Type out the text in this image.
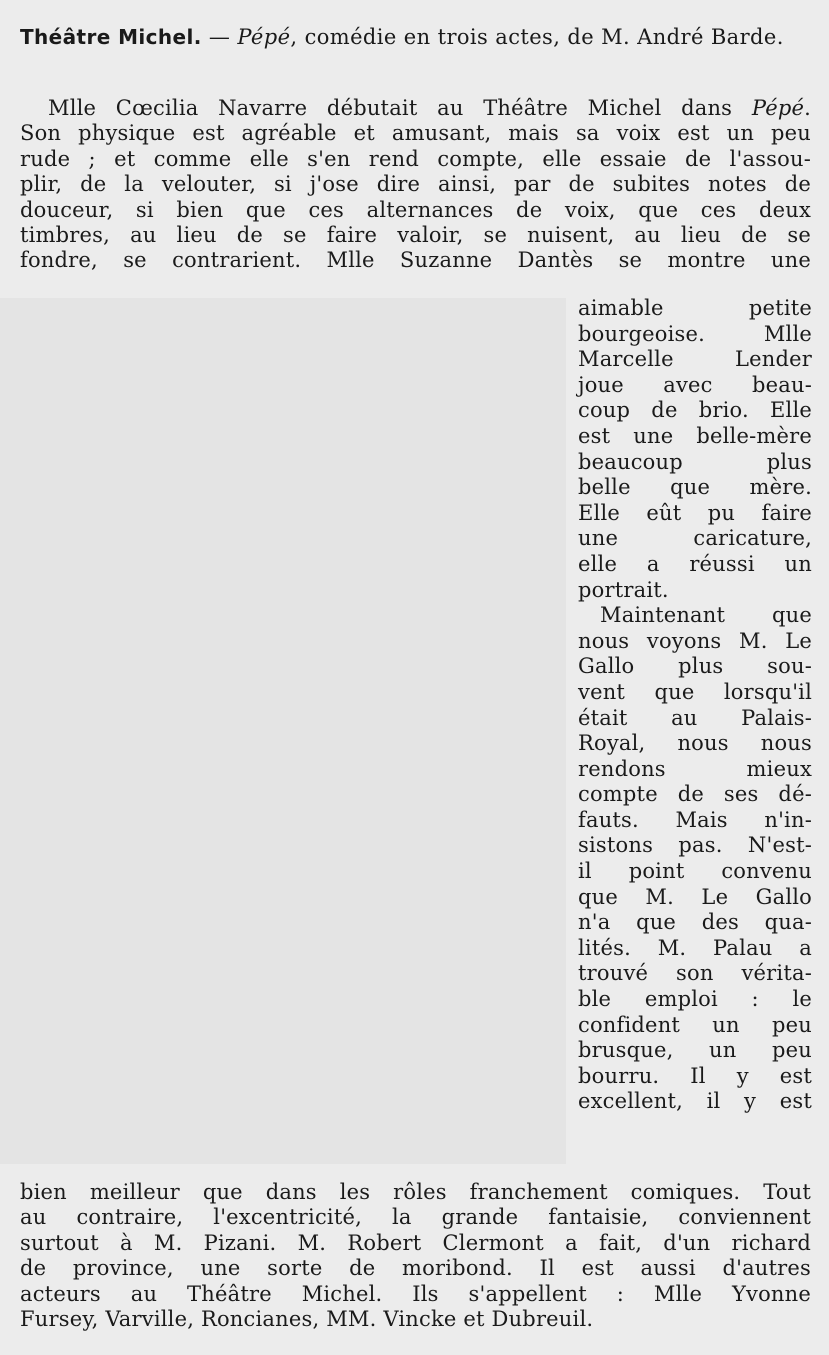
Théâtre Michel. — Pépé, comédie en trois actes, de M. André Barde.
Mlle Cœcilia Navarre débutait au Théâtre Michel dans Pépé.
Son physique est agréable et amusant, mais sa voix est un peu
rude ; et comme elle s'en rend compte, elle essaie de l'assou-
plir, de la velouter, si j'ose dire ainsi, par de subites notes de
douceur, si bien que ces alternances de voix, que ces deux
timbres, au lieu de se faire valoir, se nuisent, au lieu de se
fondre, se contrarient. Mlle Suzanne Dantès se montre une
aimable petite
bourgeoise. Mlle
Marcelle Lender
joue avec beau-
coup de brio. Elle
est une belle-mère
beaucoup plus
belle que mère.
Elle eût pu faire
une caricature,
elle a réussi un
portrait.
Maintenant que
nous voyons M. Le
Gallo plus sou-
vent que lorsqu'il
était au Palais-
Royal, nous nous
rendons mieux
compte de ses dé-
fauts. Mais n'in-
sistons pas. N'est-
il point convenu
que M. Le Gallo
n'a que des qua-
lités. M. Palau a
trouvé son vérita-
ble emploi : le
confident un peu
brusque, un peu
bourru. Il y est
excellent, il y est
bien meilleur que dans les rôles franchement comiques. Tout
au contraire, l'excentricité, la grande fantaisie, conviennent
surtout à M. Pizani. M. Robert Clermont a fait, d'un richard
de province, une sorte de moribond. Il est aussi d'autres
acteurs au Théâtre Michel. Ils s'appellent : Mlle Yvonne
Fursey, Varville, Roncianes, MM. Vincke et Dubreuil.
